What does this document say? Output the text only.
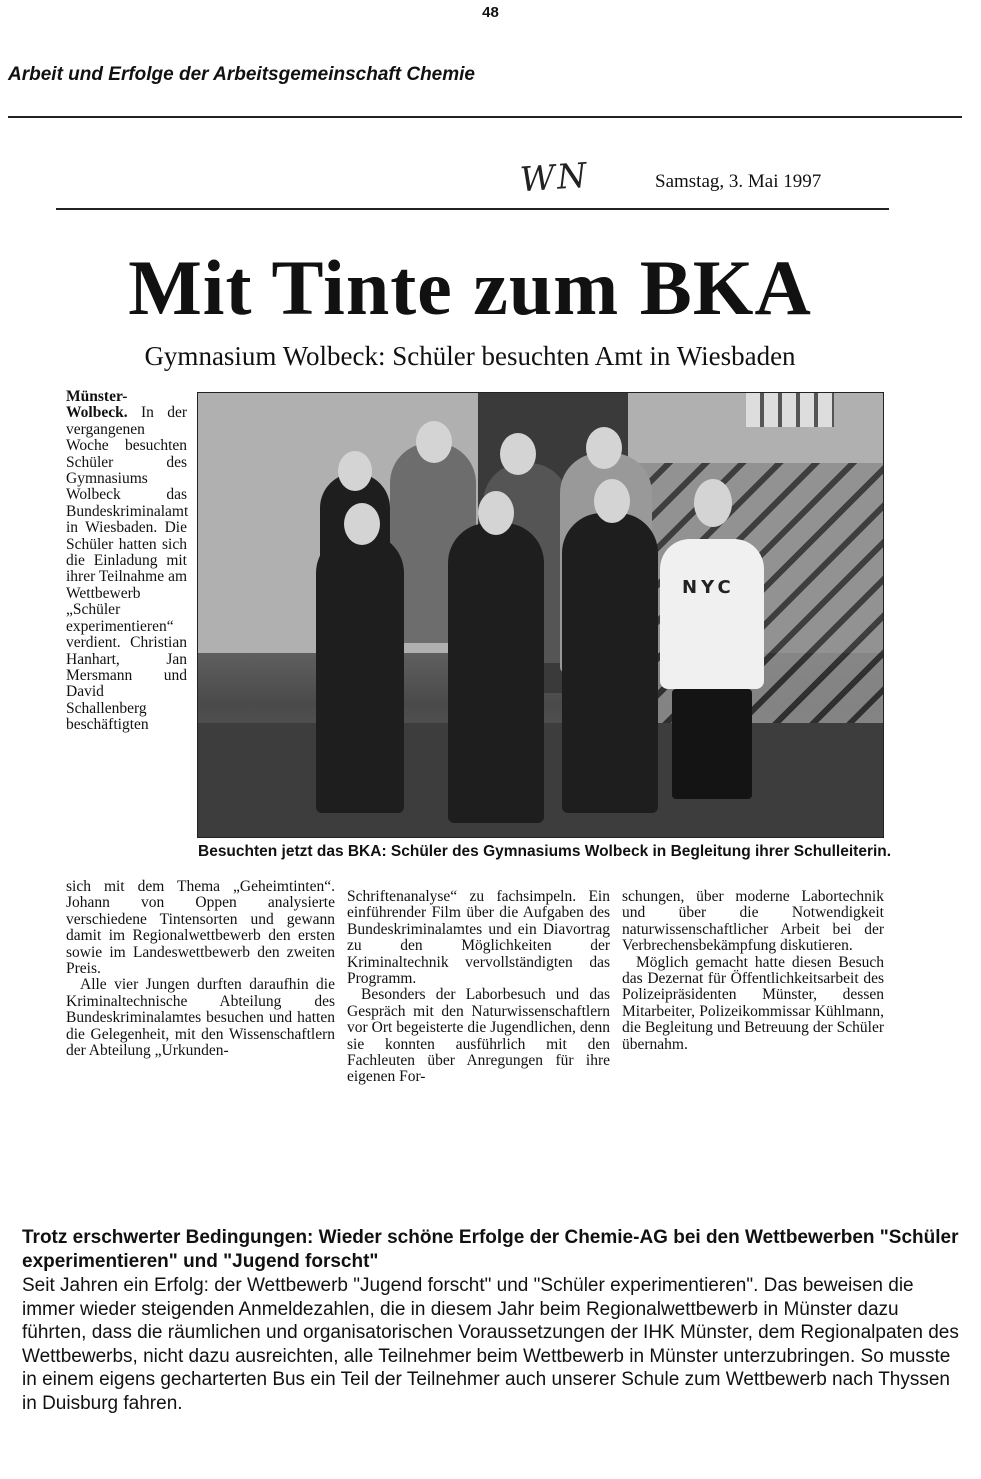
48
Arbeit und Erfolge der Arbeitsgemeinschaft Chemie
WN	Samstag, 3. Mai 1997
Mit Tinte zum BKA
Gymnasium Wolbeck: Schüler besuchten Amt in Wiesbaden

Münster-Wolbeck. In der vergangenen Woche besuchten Schüler des Gymnasiums Wolbeck das Bundeskriminalamt in Wiesbaden. Die Schüler hatten sich die Einladung mit ihrer Teilnahme am Wettbewerb „Schüler experimentieren“ verdient. Christian Hanhart, Jan Mersmann und David Schallenberg beschäftigten

NYC
Besuchten jetzt das BKA: Schüler des Gymnasiums Wolbeck in Begleitung ihrer Schulleiterin.

sich mit dem Thema „Geheimtinten“. Johann von Oppen analysierte verschiedene Tintensorten und gewann damit im Regionalwettbewerb den ersten sowie im Landeswettbewerb den zweiten Preis.

Alle vier Jungen durften daraufhin die Kriminaltechnische Abteilung des Bundeskriminalamtes besuchen und hatten die Gelegenheit, mit den Wissenschaftlern der Abteilung „Urkunden-

Schriftenanalyse“ zu fachsimpeln. Ein einführender Film über die Aufgaben des Bundeskriminalamtes und ein Diavortrag zu den Möglichkeiten der Kriminaltechnik vervollständigten das Programm.

Besonders der Laborbesuch und das Gespräch mit den Naturwissenschaftlern vor Ort begeisterte die Jugendlichen, denn sie konnten ausführlich mit den Fachleuten über Anregungen für ihre eigenen For-

schungen, über moderne Labortechnik und über die Notwendigkeit naturwissenschaftlicher Arbeit bei der Verbrechensbekämpfung diskutieren.

Möglich gemacht hatte diesen Besuch das Dezernat für Öffentlichkeitsarbeit des Polizeipräsidenten Münster, dessen Mitarbeiter, Polizeikommissar Kühlmann, die Begleitung und Betreuung der Schüler übernahm.

Trotz erschwerter Bedingungen: Wieder schöne Erfolge der Chemie-AG bei den Wettbewerben "Schüler experimentieren" und "Jugend forscht"

Seit Jahren ein Erfolg: der Wettbewerb "Jugend forscht" und "Schüler experimentieren". Das beweisen die immer wieder steigenden Anmeldezahlen, die in diesem Jahr beim Regionalwettbewerb in Münster dazu führten, dass die räumlichen und organisatorischen Voraussetzungen der IHK Münster, dem Regionalpaten des Wettbewerbs, nicht dazu ausreichten, alle Teilnehmer beim Wettbewerb in Münster unterzubringen. So musste in einem eigens gecharterten Bus ein Teil der Teilnehmer auch unserer Schule zum Wettbewerb nach Thyssen in Duisburg fahren.
